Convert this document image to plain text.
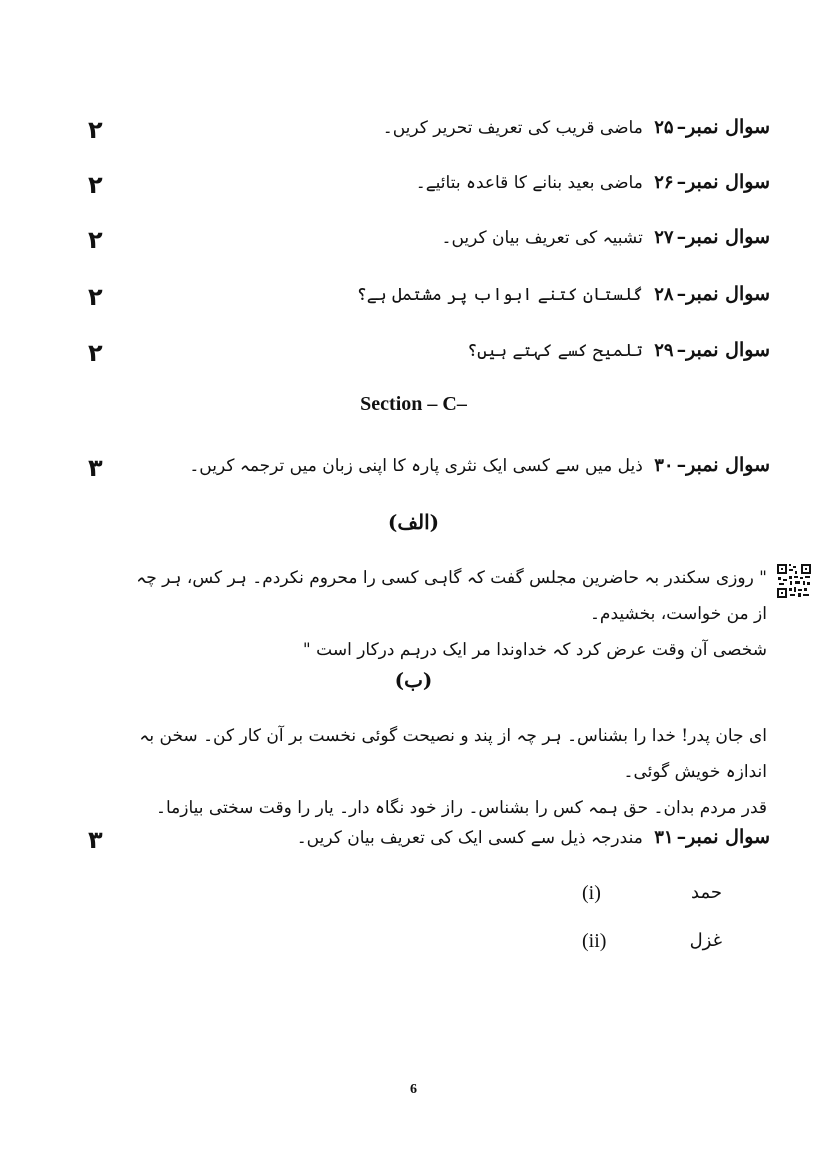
۲	سوال نمبر–۲۵ ماضی قریب کی تعریف تحریر کریں۔
۲	سوال نمبر–۲۶ ماضی بعید بنانے کا قاعدہ بتائیے۔
۲	سوال نمبر–۲۷ تشبیہ کی تعریف بیان کریں۔
۲	سوال نمبر–۲۸ گلستان کتنے ابواب پر مشتمل ہے؟
۲	سوال نمبر–۲۹ تلمیح کسے کہتے ہیں؟
Section – C–
۳	سوال نمبر–۳۰ ذیل میں سے کسی ایک نثری پارہ کا اپنی زبان میں ترجمہ کریں۔
(الف)
" روزی سکندر بہ حاضرین مجلس گفت کہ گاہی کسی را محروم نکردم۔ ہر کس، ہر چہ از من خواست، بخشیدم۔
شخصی آن وقت عرض کرد کہ خداوندا مر ایک درہم درکار است "
(ب)
ای جان پدر! خدا را بشناس۔ ہر چہ از پند و نصیحت گوئی نخست بر آن کار کن۔ سخن بہ اندازہ خویش گوئی۔
قدر مردم بدان۔ حق ہمہ کس را بشناس۔ راز خود نگاہ دار۔ یار را وقت سختی بیازما۔
۳	سوال نمبر–۳۱ مندرجہ ذیل سے کسی ایک کی تعریف بیان کریں۔
(i)	حمد
(ii)	غزل
6
